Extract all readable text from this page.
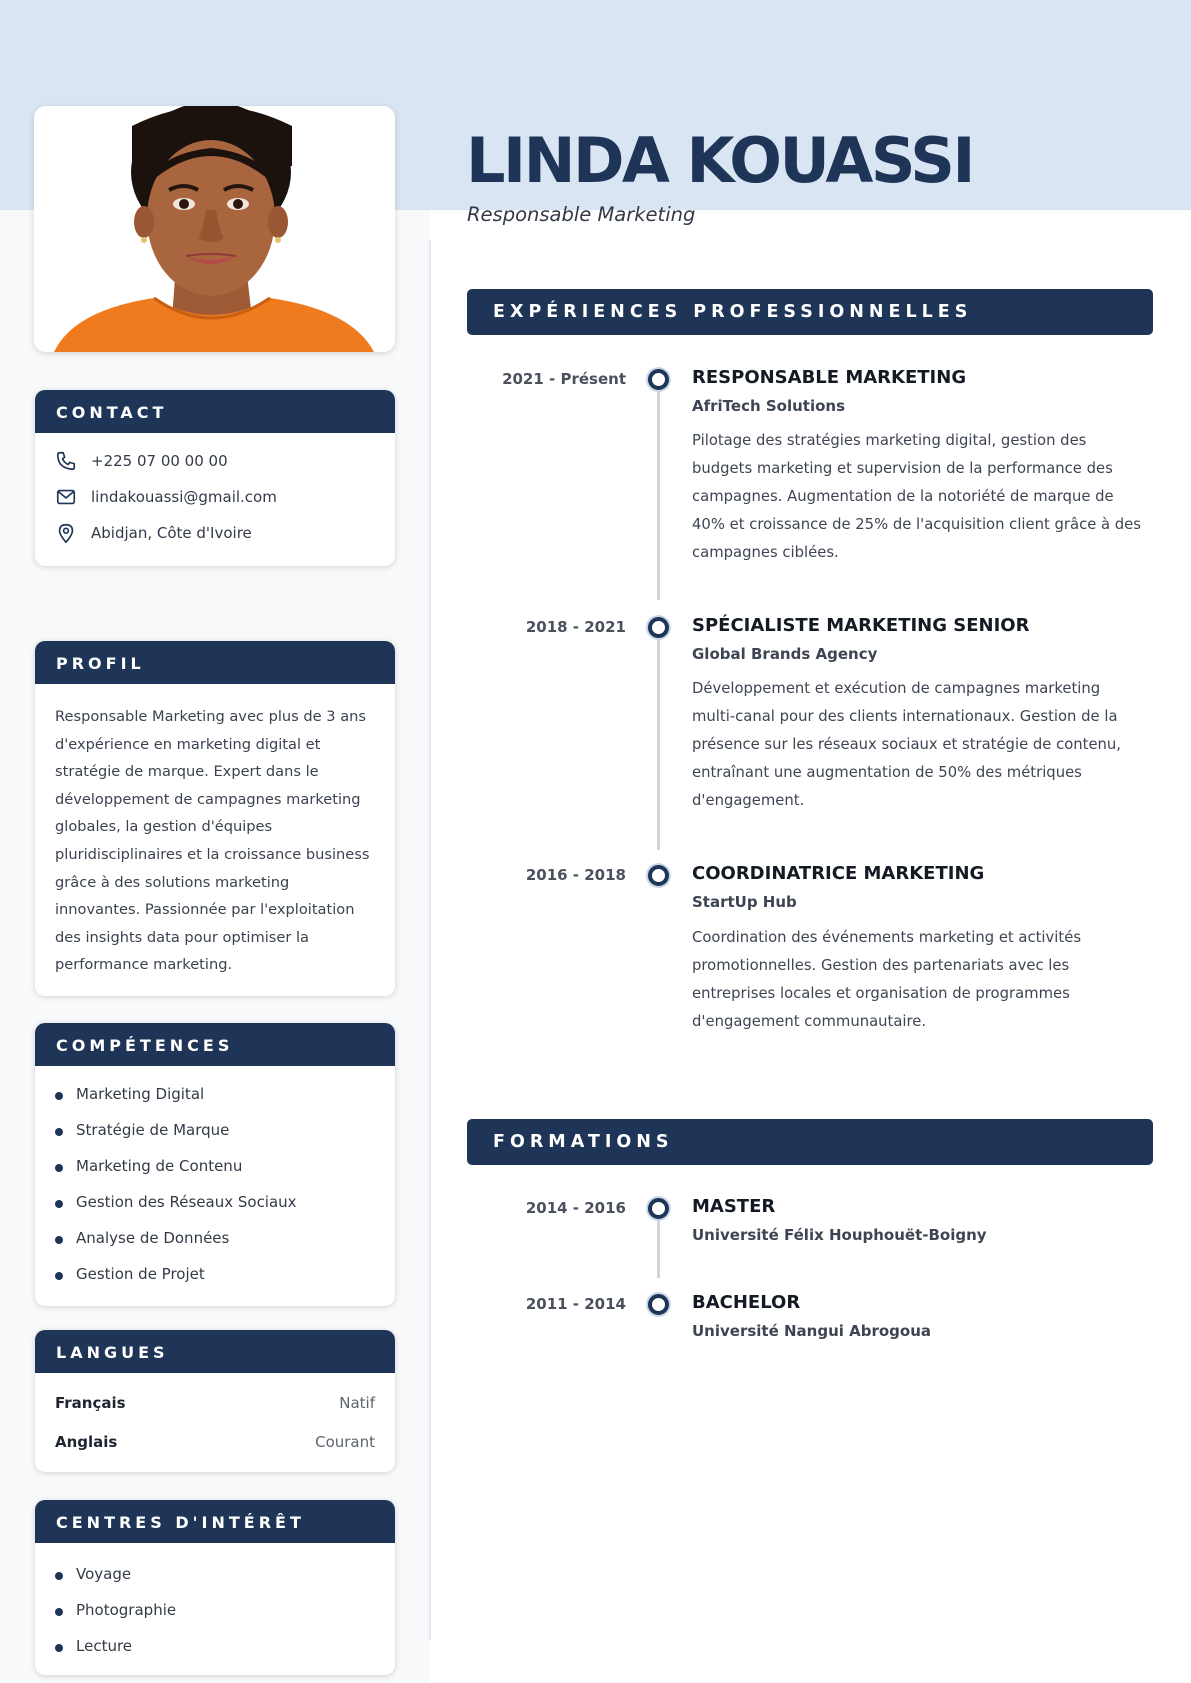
CONTACT
+225 07 00 00 00
lindakouassi@gmail.com
Abidjan, Côte d'Ivoire
PROFIL

Responsable Marketing avec plus de 3 ans d'expérience en marketing digital et stratégie de marque. Expert dans le développement de campagnes marketing globales, la gestion d'équipes pluridisciplinaires et la croissance business grâce à des solutions marketing innovantes. Passionnée par l'exploitation des insights data pour optimiser la performance marketing.

COMPÉTENCES
Marketing Digital
Stratégie de Marque
Marketing de Contenu
Gestion des Réseaux Sociaux
Analyse de Données
Gestion de Projet
LANGUES
Français	Natif
Anglais	Courant
CENTRES D'INTÉRÊT
Voyage
Photographie
Lecture
LINDA KOUASSI
Responsable Marketing
EXPÉRIENCES PROFESSIONNELLES
2021 - Présent	RESPONSABLE MARKETING
AfriTech Solutions

Pilotage des stratégies marketing digital, gestion des budgets marketing et supervision de la performance des campagnes. Augmentation de la notoriété de marque de 40% et croissance de 25% de l'acquisition client grâce à des campagnes ciblées.

2018 - 2021	SPÉCIALISTE MARKETING SENIOR
Global Brands Agency

Développement et exécution de campagnes marketing multi-canal pour des clients internationaux. Gestion de la présence sur les réseaux sociaux et stratégie de contenu, entraînant une augmentation de 50% des métriques d'engagement.

2016 - 2018	COORDINATRICE MARKETING
StartUp Hub

Coordination des événements marketing et activités promotionnelles. Gestion des partenariats avec les entreprises locales et organisation de programmes d'engagement communautaire.

FORMATIONS
2014 - 2016	MASTER
Université Félix Houphouët-Boigny
2011 - 2014	BACHELOR
Université Nangui Abrogoua
